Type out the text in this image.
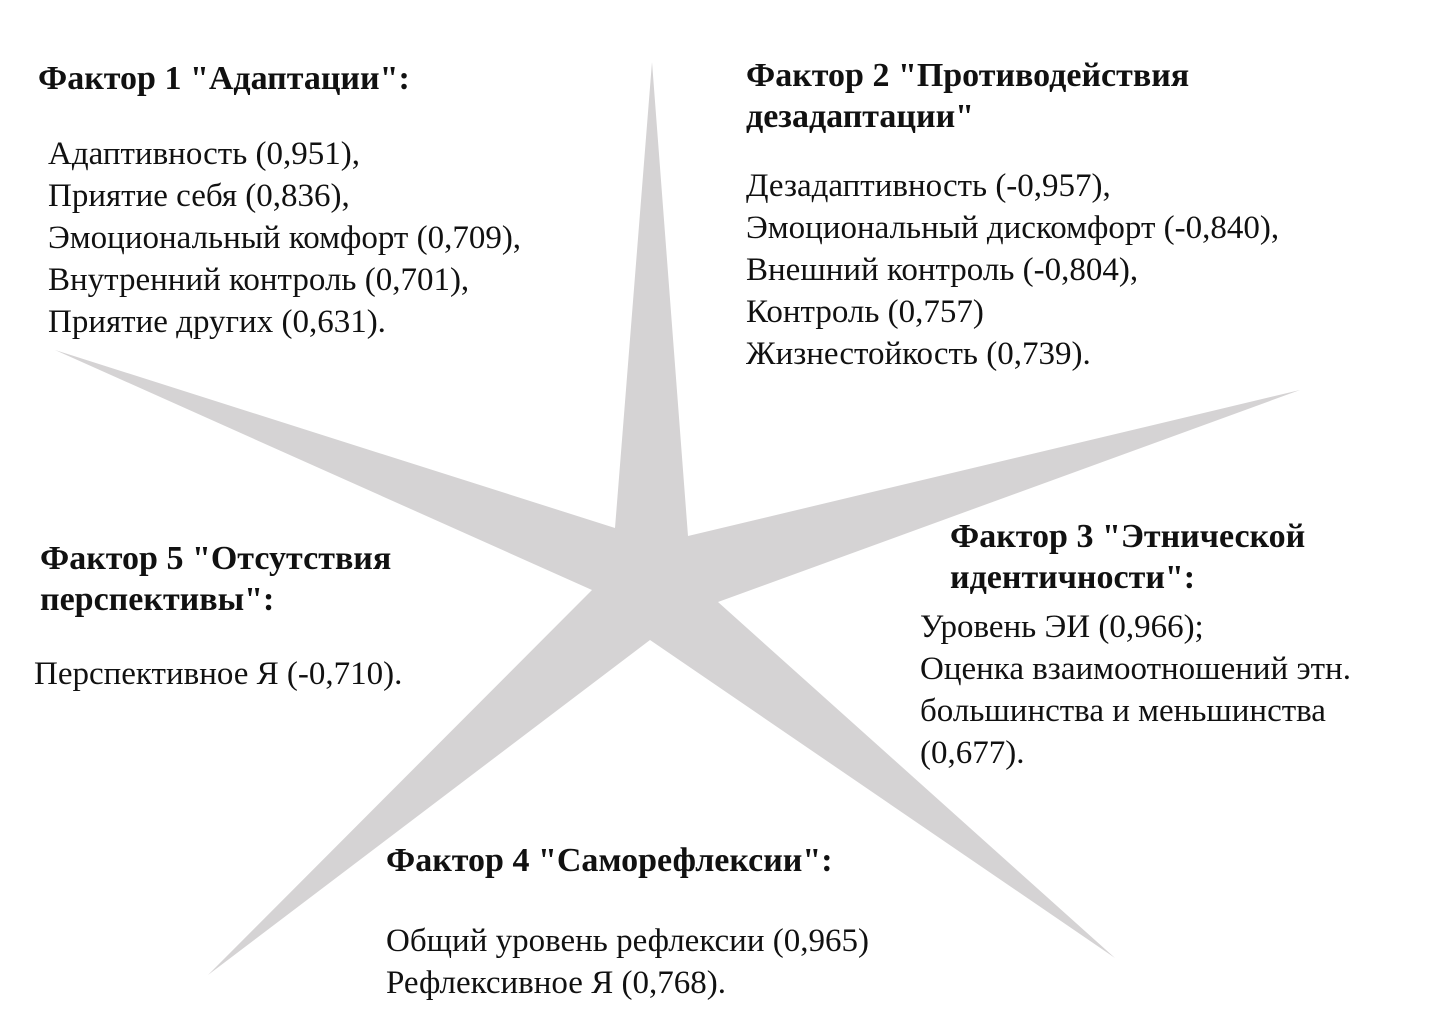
Фактор 1 "Адаптации":
Адаптивность (0,951),
Приятие себя (0,836),
Эмоциональный комфорт (0,709),
Внутренний контроль (0,701),
Приятие других (0,631).
Фактор 2 "Противодействия
дезадаптации"
Дезадаптивность (-0,957),
Эмоциональный дискомфорт (-0,840),
Внешний контроль (-0,804),
Контроль (0,757)
Жизнестойкость (0,739).
Фактор 3 "Этнической
идентичности":
Уровень ЭИ (0,966);
Оценка взаимоотношений этн.
большинства и меньшинства
(0,677).
Фактор 4 "Саморефлексии":
Общий уровень рефлексии (0,965)
Рефлексивное Я (0,768).
Фактор 5 "Отсутствия
перспективы":
Перспективное Я (-0,710).
